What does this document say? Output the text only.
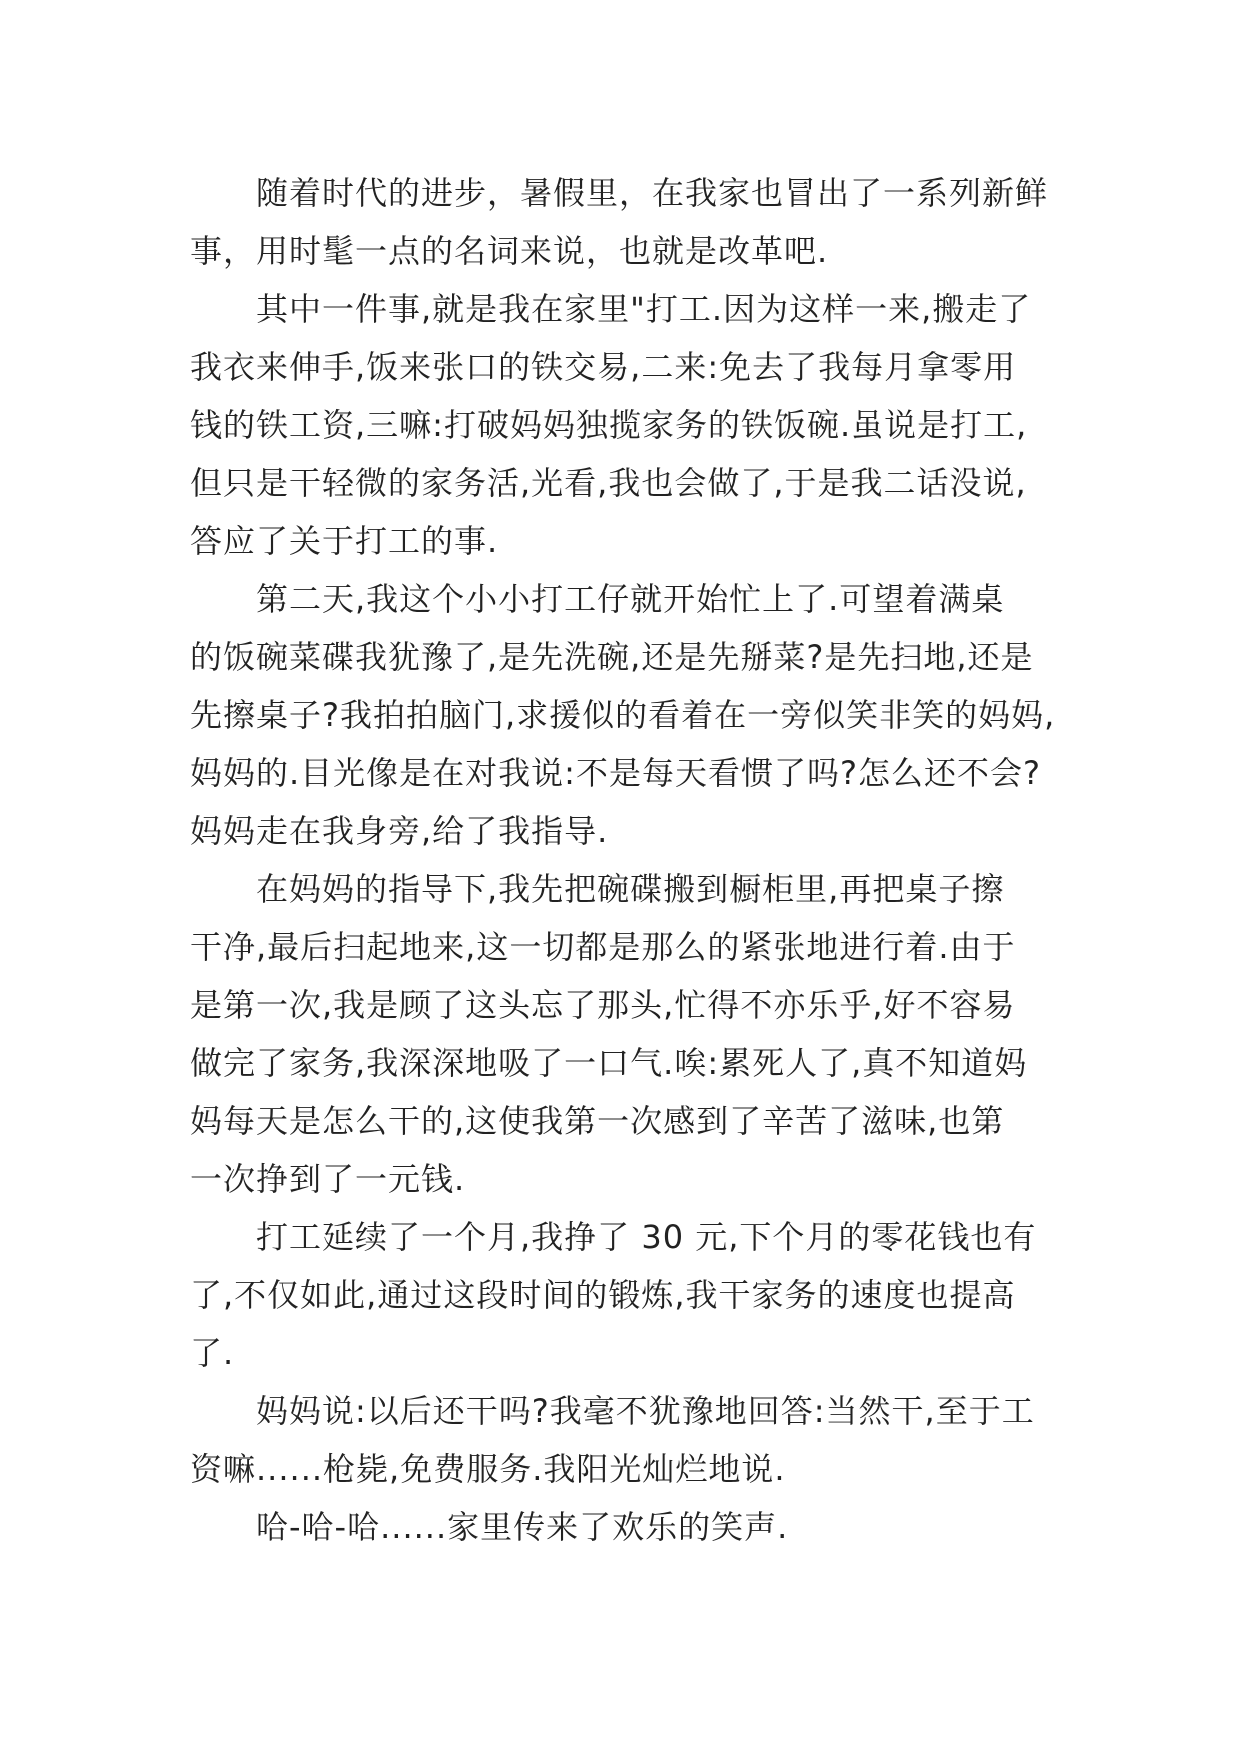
随着时代的进步，暑假里，在我家也冒出了一系列新鲜
事，用时髦一点的名词来说，也就是改革吧.
其中一件事,就是我在家里"打工.因为这样一来,搬走了
我衣来伸手,饭来张口的铁交易,二来:免去了我每月拿零用
钱的铁工资,三嘛:打破妈妈独揽家务的铁饭碗.虽说是打工,
但只是干轻微的家务活,光看,我也会做了,于是我二话没说,
答应了关于打工的事.
第二天,我这个小小打工仔就开始忙上了.可望着满桌
的饭碗菜碟我犹豫了,是先洗碗,还是先掰菜?是先扫地,还是
先擦桌子?我拍拍脑门,求援似的看着在一旁似笑非笑的妈妈,
妈妈的.目光像是在对我说:不是每天看惯了吗?怎么还不会?
妈妈走在我身旁,给了我指导.
在妈妈的指导下,我先把碗碟搬到橱柜里,再把桌子擦
干净,最后扫起地来,这一切都是那么的紧张地进行着.由于
是第一次,我是顾了这头忘了那头,忙得不亦乐乎,好不容易
做完了家务,我深深地吸了一口气.唉:累死人了,真不知道妈
妈每天是怎么干的,这使我第一次感到了辛苦了滋味,也第
一次挣到了一元钱.
打工延续了一个月,我挣了 30 元,下个月的零花钱也有
了,不仅如此,通过这段时间的锻炼,我干家务的速度也提高
了.
妈妈说:以后还干吗?我毫不犹豫地回答:当然干,至于工
资嘛......枪毙,免费服务.我阳光灿烂地说.
哈-哈-哈......家里传来了欢乐的笑声.
